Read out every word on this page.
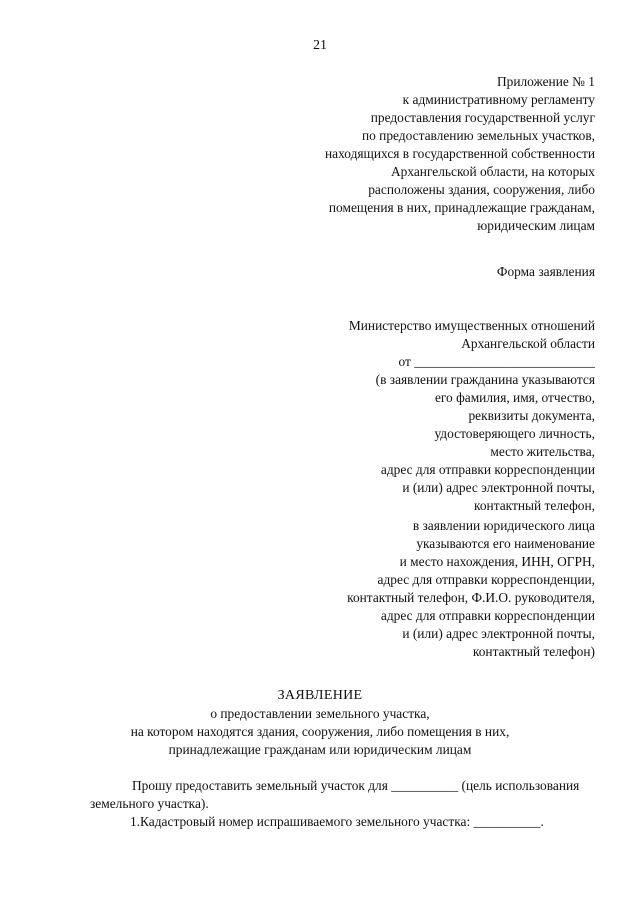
21
Приложение № 1
к административному регламенту
предоставления государственной услуг
по предоставлению земельных участков,
находящихся в государственной собственности
Архангельской области, на которых
расположены здания, сооружения, либо
помещения в них, принадлежащие гражданам,
юридическим лицам
Форма заявления
Министерство имущественных отношений
Архангельской области
от ___________________________
(в заявлении гражданина указываются
его фамилия, имя, отчество,
реквизиты документа,
удостоверяющего личность,
место жительства,
адрес для отправки корреспонденции
и (или) адрес электронной почты,
контактный телефон,
в заявлении юридического лица
указываются его наименование
и место нахождения, ИНН, ОГРН,
адрес для отправки корреспонденции,
контактный телефон, Ф.И.О. руководителя,
адрес для отправки корреспонденции
и (или) адрес электронной почты,
контактный телефон)
ЗАЯВЛЕНИЕ
о предоставлении земельного участка,
на котором находятся здания, сооружения, либо помещения в них,
принадлежащие гражданам или юридическим лицам
Прошу предоставить земельный участок для __________ (цель использования
земельного участка).
1.Кадастровый номер испрашиваемого земельного участка: __________.
